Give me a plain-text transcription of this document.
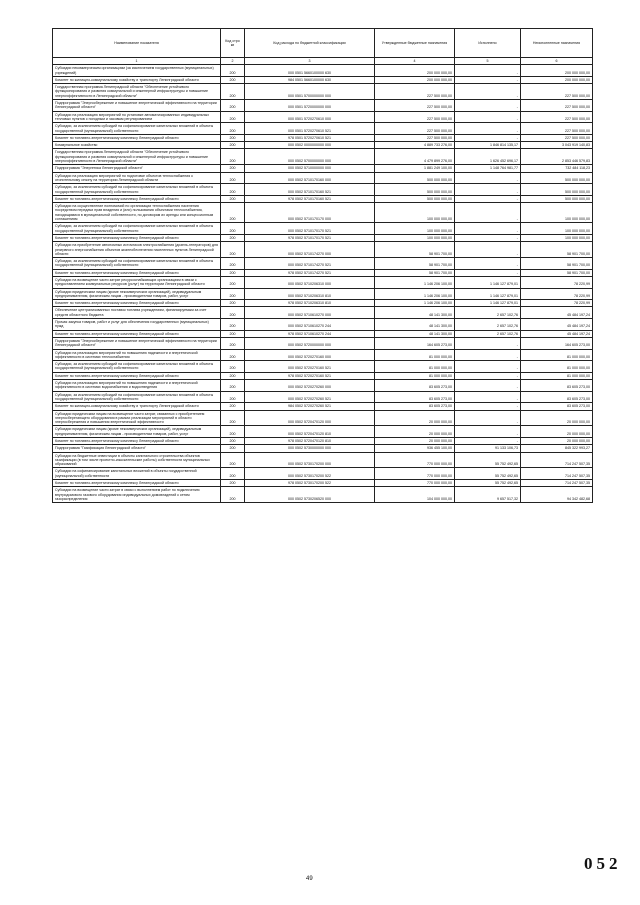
Наименование показателя	Код стро ки	Код расхода по бюджетной классификации	Утвержденные бюджетные назначения	Исполнено	Неисполненные назначения
1	2	3	4	5	6
Субсидии некоммерческим организациям (за исключением государственных (муниципальных) учреждений)	200	000 0501 5660100000 630	200 000 000,00	-	200 000 000,00
Комитет по жилищно-коммунальному хозяйству и транспорту Ленинградской области	200	984 0501 5660100000 630	200 000 000,00	-	200 000 000,00
Государственная программа Ленинградской области "Обеспечение устойчивого функционирования и развития коммунальной и инженерной инфраструктуры и повышение энергоэффективности в Ленинградской области"	200	000 0501 5700000000 000	227 500 000,00	-	227 500 000,00
Подпрограмма "Энергосбережение и повышение энергетической эффективности на территории Ленинградской области"	200	000 0501 5720000000 000	227 500 000,00	-	227 500 000,00
Субсидии на реализацию мероприятий по установке автоматизированных индивидуальных тепловых пунктов с погодным и часовым регулированием	200	000 0501 5720270610 000	227 500 000,00	-	227 500 000,00
Субсидии, за исключением субсидий на софинансирование капитальных вложений в объекты государственной (муниципальной) собственности	200	000 0501 5720270610 521	227 500 000,00	-	227 500 000,00
Комитет по топливно-энергетическому комплексу Ленинградской области	200	978 0501 5720270610 521	227 500 000,00	-	227 500 000,00
Коммунальное хозяйство	200	000 0502 0000000000 000	4 889 733 276,00	1 846 814 135,17	3 043 919 140,83
Государственная программа Ленинградской области "Обеспечение устойчивого функционирования и развития коммунальной и инженерной инфраструктуры и повышение энергоэффективности в Ленинградской области"	200	000 0502 5700000000 000	4 479 899 276,00	1 626 452 696,17	2 853 446 579,83
Подпрограмма "Энергетика Ленинградской области"	200	000 0502 5710000000 000	1 881 249 100,00	1 148 764 981,77	732 484 118,23
Субсидии на реализацию мероприятий по подготовке объектов теплоснабжения к отопительному сезону на территории Ленинградской области	200	000 0502 5710170160 000	500 000 000,00	-	500 000 000,00
Субсидии, за исключением субсидий на софинансирование капитальных вложений в объекты государственной (муниципальной) собственности	200	000 0502 5710170160 521	500 000 000,00	-	500 000 000,00
Комитет по топливно-энергетическому комплексу Ленинградской области	200	978 0502 5710170160 521	500 000 000,00	-	500 000 000,00
Субсидии на осуществление полномочий по организации теплоснабжения населения посредством передачи прав владения и (или) пользования объектами теплоснабжения, находящимися в муниципальной собственности, по договорам их аренды или концессионным соглашениям	200	000 0502 5710170170 000	100 000 000,00	-	100 000 000,00
Субсидии, за исключением субсидий на софинансирование капитальных вложений в объекты государственной (муниципальной) собственности	200	000 0502 5710170170 521	100 000 000,00	-	100 000 000,00
Комитет по топливно-энергетическому комплексу Ленинградской области	200	978 0502 5710170170 521	100 000 000,00	-	100 000 000,00
Субсидии на приобретение автономных источников электроснабжения (дизель-генераторов) для резервного энергоснабжения объектов жизнеобеспечения населенных пунктов Ленинградской области	200	000 0502 5710174270 000	58 901 700,00	-	58 901 700,00
Субсидии, за исключением субсидий на софинансирование капитальных вложений в объекты государственной (муниципальной) собственности	200	000 0502 5710174270 521	58 901 700,00	-	58 901 700,00
Комитет по топливно-энергетическому комплексу Ленинградской области	200	978 0502 5710174270 521	58 901 700,00	-	58 901 700,00
Субсидии на возмещение части затрат ресурсоснабжающих организациям в связи с предоставлением коммунальных ресурсов (услуг) на территории Ленинградской области	200	000 0502 5710206310 000	1 146 206 100,00	1 146 127 879,01	78 220,99
Субсидии юридическим лицам (кроме некоммерческих организаций), индивидуальным предпринимателям, физическим лицам - производителям товаров, работ, услуг	200	000 0502 5710206310 810	1 146 206 100,00	1 146 127 879,01	78 220,99
Комитет по топливно-энергетическому комплексу Ленинградской области	200	978 0502 5710206310 810	1 146 206 100,00	1 146 127 879,01	78 220,99
Обеспечение централизованных поставок топлива учреждениям, финансируемым за счет средств областного бюджета	200	000 0502 5710610270 000	48 141 300,00	2 657 102,76	45 484 197,24
Прочая закупка товаров, работ и услуг для обеспечения государственных (муниципальных) нужд	200	000 0502 5710610270 244	48 141 300,00	2 657 102,76	45 484 197,24
Комитет по топливно-энергетическому комплексу Ленинградской области	200	978 0502 5710610270 244	48 141 300,00	2 657 102,76	45 484 197,24
Подпрограмма "Энергосбережение и повышение энергетической эффективности на территории Ленинградской области"	200	000 0502 5720000000 000	164 605 273,00	-	164 605 273,00
Субсидии на реализацию мероприятий по повышению надежности и энергетической эффективности в системах теплоснабжения	200	000 0502 5720270160 000	81 000 000,00	-	81 000 000,00
Субсидии, за исключением субсидий на софинансирование капитальных вложений в объекты государственной (муниципальной) собственности	200	000 0502 5720270160 521	81 000 000,00	-	81 000 000,00
Комитет по топливно-энергетическому комплексу Ленинградской области	200	978 0502 5720270160 521	81 000 000,00	-	81 000 000,00
Субсидии на реализацию мероприятий по повышению надежности и энергетической эффективности в системах водоснабжения и водоотведения	200	000 0502 5720270260 000	83 605 273,00	-	83 605 273,00
Субсидии, за исключением субсидий на софинансирование капитальных вложений в объекты государственной (муниципальной) собственности	200	000 0502 5720270260 521	83 605 273,00	-	83 605 273,00
Комитет по жилищно-коммунальному хозяйству и транспорту Ленинградской области	200	984 0502 5720270260 521	83 605 273,00	-	83 605 273,00
Субсидии юридическим лицам на возмещение части затрат, связанных с приобретением энергосберегающего оборудования в рамках реализации мероприятий в области энергосбережения и повышения энергетической эффективности	200	000 0502 5720470120 000	20 000 000,00	-	20 000 000,00
Субсидии юридическим лицам (кроме некоммерческих организаций), индивидуальным предпринимателям, физическим лицам - производителям товаров, работ, услуг	200	000 0502 5720470120 810	20 000 000,00	-	20 000 000,00
Комитет по топливно-энергетическому комплексу Ленинградской области	200	978 0502 5720470120 810	20 000 000,00	-	20 000 000,00
Подпрограмма "Газификация Ленинградской области"	200	000 0502 5730000000 000	936 455 100,00	91 133 106,73	845 322 993,27
Субсидии на бюджетные инвестиции в объекты капитального строительства объектов газификации (в том числе проектно-изыскательские работы) собственности муниципальных образований	200	000 0502 5730170200 000	770 000 000,00	55 752 492,65	714 247 507,35
Субсидии на софинансирование капитальных вложений в объекты государственной (муниципальной) собственности	200	000 0502 5730170200 522	770 000 000,00	55 752 492,65	714 247 507,35
Комитет по топливно-энергетическому комплексу Ленинградской области	200	978 0502 5730170200 522	770 000 000,00	55 752 492,65	714 247 507,35
Субсидии на возмещение части затрат в связи с выполнением работ по подключению внутридомового газового оборудования индивидуальных домовладений к сетям газораспределения	200	000 0502 5730206520 000	104 000 000,00	9 657 517,32	94 342 482,68
49
052
